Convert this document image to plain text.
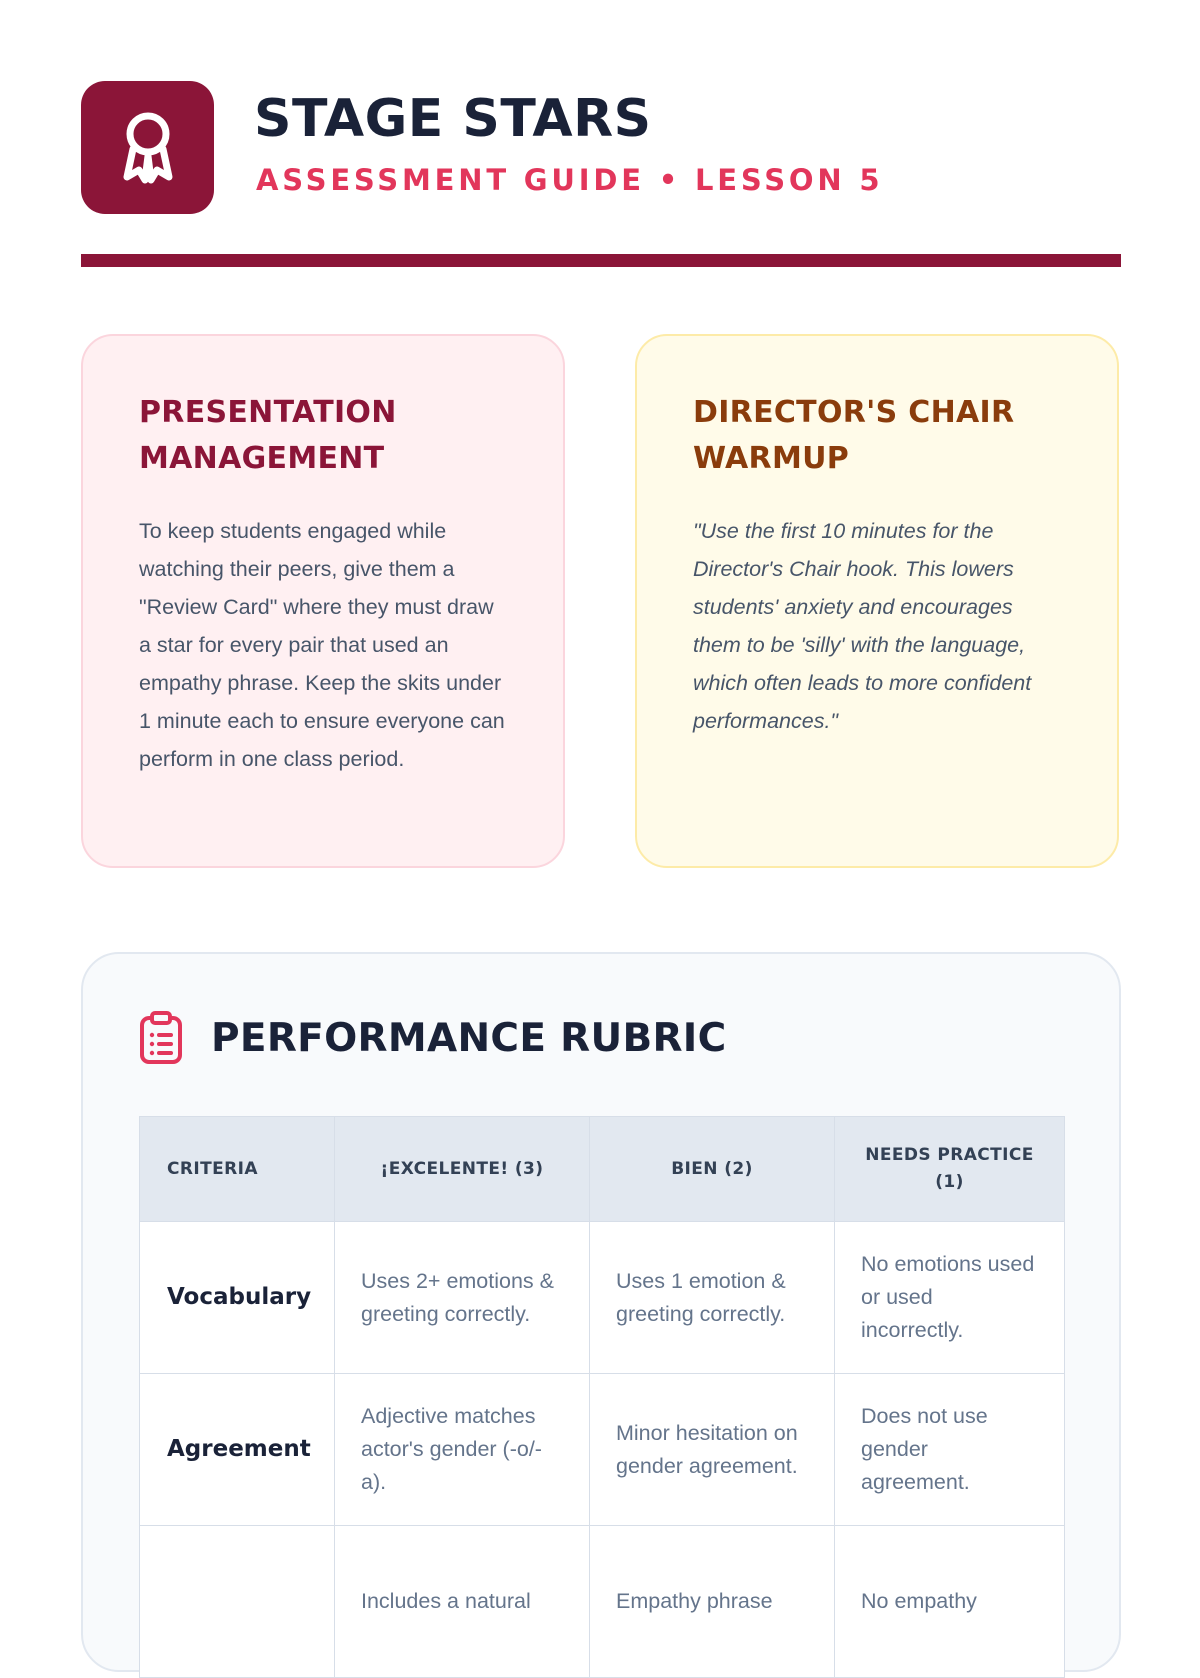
STAGE STARS
ASSESSMENT GUIDE • LESSON 5
PRESENTATION MANAGEMENT

To keep students engaged while watching their peers, give them a "Review Card" where they must draw a star for every pair that used an empathy phrase. Keep the skits under 1 minute each to ensure everyone can perform in one class period.

DIRECTOR'S CHAIR WARMUP

"Use the first 10 minutes for the Director's Chair hook. This lowers students' anxiety and encourages them to be 'silly' with the language, which often leads to more confident performances."

PERFORMANCE RUBRIC
CRITERIA	¡EXCELENTE! (3)	BIEN (2)	NEEDS PRACTICE (1)
Vocabulary	Uses 2+ emotions & greeting correctly.	Uses 1 emotion & greeting correctly.	No emotions used or used incorrectly.
Agreement	Adjective matches actor's gender (-o/-a).	Minor hesitation on gender agreement.	Does not use gender agreement.
	Includes a natural	Empathy phrase	No empathy
